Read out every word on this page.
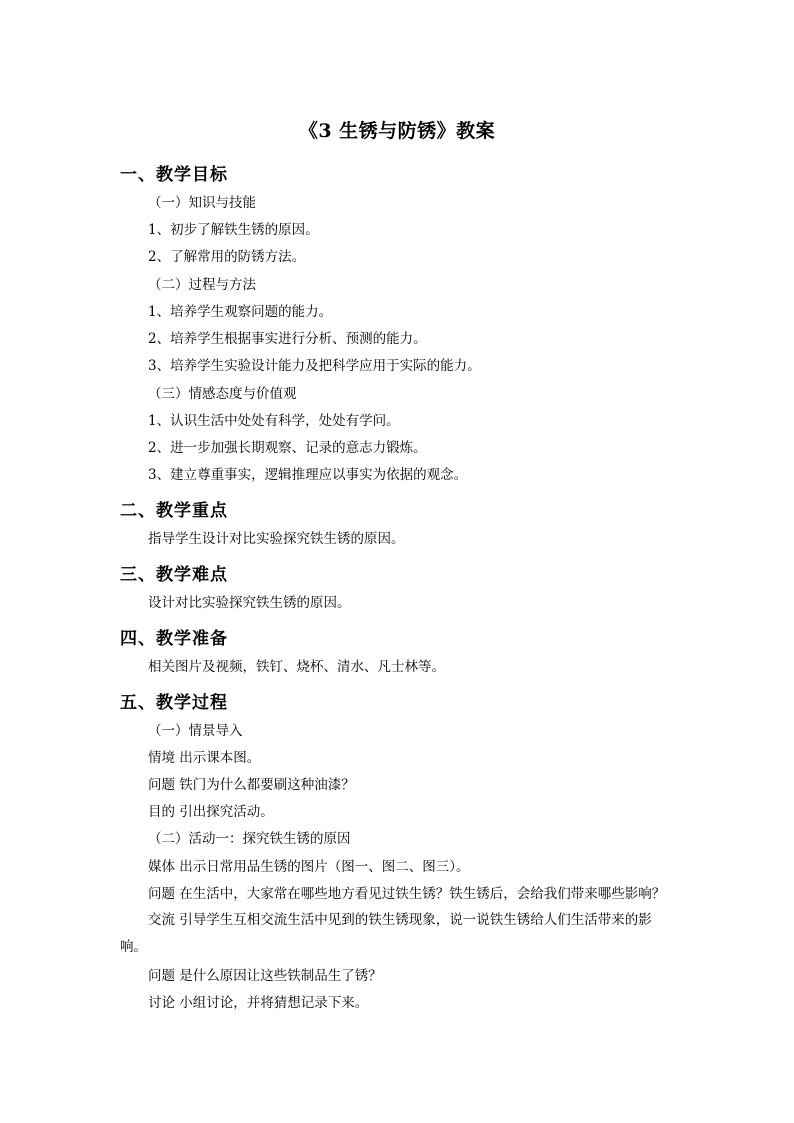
《3 生锈与防锈》教案
一、教学目标
（一）知识与技能
1、初步了解铁生锈的原因。
2、了解常用的防锈方法。
（二）过程与方法
1、培养学生观察问题的能力。
2、培养学生根据事实进行分析、预测的能力。
3、培养学生实验设计能力及把科学应用于实际的能力。
（三）情感态度与价值观
1、认识生活中处处有科学，处处有学问。
2、进一步加强长期观察、记录的意志力锻炼。
3、建立尊重事实，逻辑推理应以事实为依据的观念。
二、教学重点
指导学生设计对比实验探究铁生锈的原因。
三、教学难点
设计对比实验探究铁生锈的原因。
四、教学准备
相关图片及视频，铁钉、烧杯、清水、凡士林等。
五、教学过程
（一）情景导入
情境 出示课本图。
问题 铁门为什么都要刷这种油漆？
目的 引出探究活动。
（二）活动一：探究铁生锈的原因
媒体 出示日常用品生锈的图片（图一、图二、图三）。
问题 在生活中，大家常在哪些地方看见过铁生锈？铁生锈后，会给我们带来哪些影响？
交流 引导学生互相交流生活中见到的铁生锈现象，说一说铁生锈给人们生活带来的影响。
问题 是什么原因让这些铁制品生了锈？
讨论 小组讨论，并将猜想记录下来。
